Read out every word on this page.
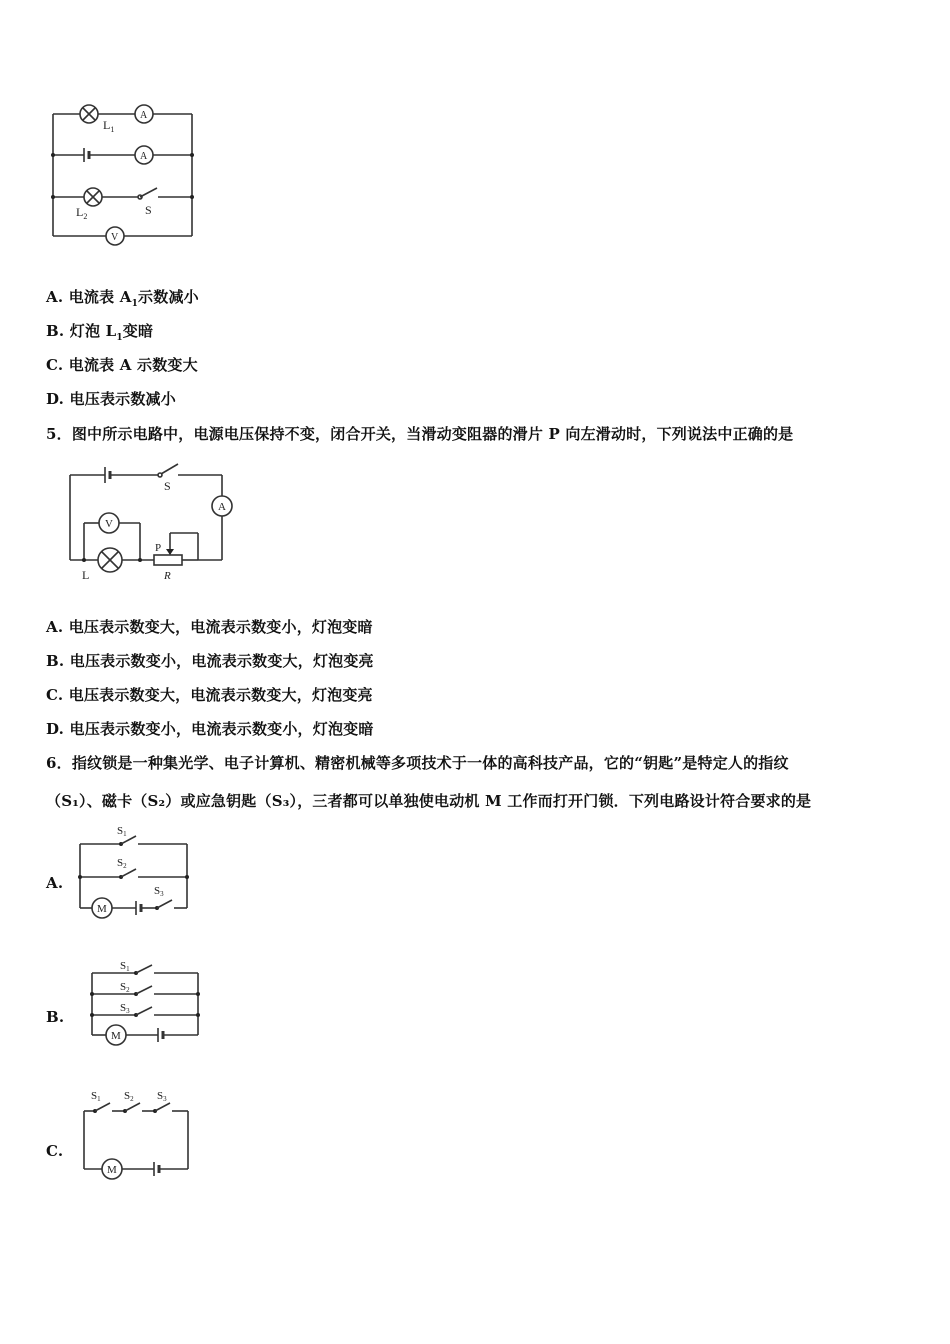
$L_1$
A
A
$L_2$	S
V
A. 电流表 $A_1$示数减小
B. 灯泡 $L_1$变暗
C. 电流表 A 示数变大
D. 电压表示数减小
5．图中所示电路中，电源电压保持不变，闭合开关，当滑动变阻器的滑片 P 向左滑动时，下列说法中正确的是
S
A
L
V
P
R
A. 电压表示数变大，电流表示数变小，灯泡变暗
B. 电压表示数变小，电流表示数变大，灯泡变亮
C. 电压表示数变大，电流表示数变大，灯泡变亮
D. 电压表示数变小，电流表示数变小，灯泡变暗
6．指纹锁是一种集光学、电子计算机、精密机械等多项技术于一体的高科技产品，它的“钥匙”是特定人的指纹
（S₁）、磁卡（S₂）或应急钥匙（S₃），三者都可以单独使电动机 M 工作而打开门锁．下列电路设计符合要求的是
A.
S1
S2
M
S3
B.
S1
S2
S3
M
C.
S1 S2 S3
M
